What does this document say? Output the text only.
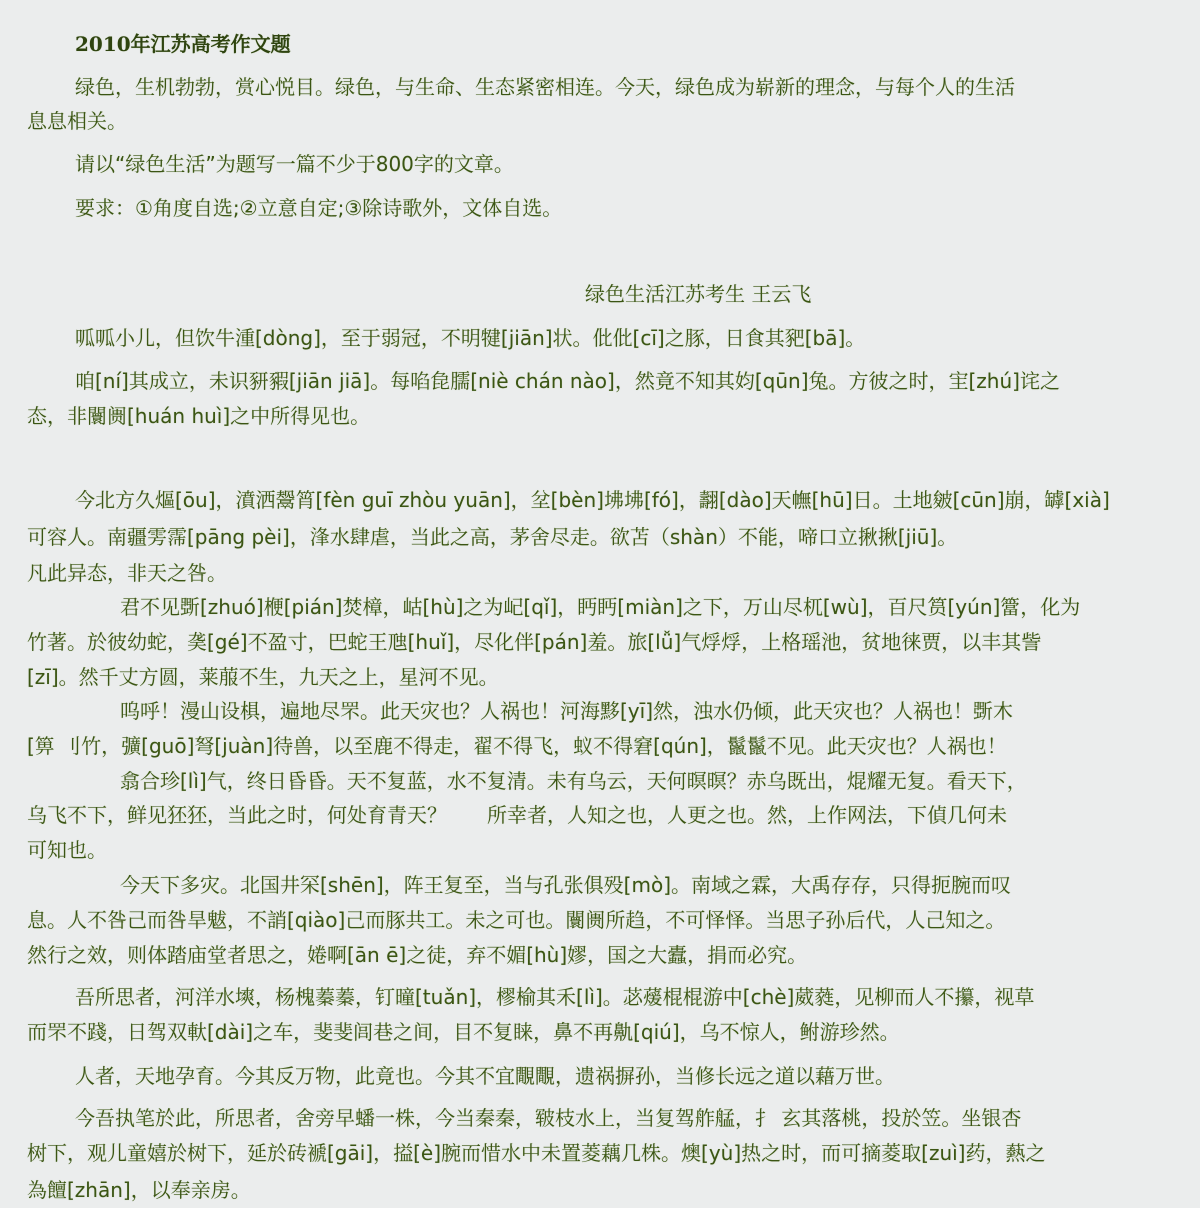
2010年江苏高考作文题
绿色，生机勃勃，赏心悦目。绿色，与生命、生态紧密相连。今天，绿色成为崭新的理念，与每个人的生活
息息相关。
请以“绿色生活”为题写一篇不少于800字的文章。
要求：①角度自选;②立意自定;③除诗歌外，文体自选。
绿色生活江苏考生 王云飞
呱呱小儿，但饮牛湩[dòng]，至于弱冠，不明犍[jiān]状。仳仳[cī]之豚，日食其豝[bā]。
咱[ní]其成立，未识豜豭[jiān jiā]。每啗㲋臑[niè chán nào]，然竟不知其㚬[qūn]兔。方彼之时，宔[zhú]诧之
态，非闤阓[huán huì]之中所得见也。
今北方久熰[ōu]，濆洒鬶筲[fèn guī zhòu yuān]，坌[bèn]坲坲[fó]，翿[dào]天幠[hū]日。土地皴[cūn]崩，罅[xià]
可容人。南疆雱霈[pāng pèi]，浲水肆虐，当此之高，茅舍尽走。欲苫（shàn）不能，啼口立揪揪[jiū]。
凡此异态，非天之咎。
君不见斲[zhuó]楩[pián]焚樟，岵[hù]之为屺[qǐ]，眄眄[miàn]之下，万山尽杌[wù]，百尺筼[yún]簹，化为
竹著。於彼幼蛇，䶮[gé]不盈寸，巴蛇王虺[huǐ]，尽化伴[pán]羞。旅[lǚ]气烰烰，上格瑶池，贫地徕贾，以丰其訾
[zī]。然千丈方圆，莱菔不生，九天之上，星河不见。
呜呼！漫山设椇，遍地尽罘。此天灾也？人祸也！河海黟[yī]然，浊水仍倾，此天灾也？人祸也！斲木
[箅 刂竹，彍[guō]弩[juàn]待兽，以至鹿不得走，翟不得飞，蚁不得窘[qún]，鬣鬣不见。此天灾也？人祸也！
翕合珍[lì]气，终日昏昏。天不复蓝，水不复清。未有乌云，天何暝暝？赤乌既出，焜耀无复。看天下，
乌飞不下，鲜见狉狉，当此之时，何处育青天？　　所幸者，人知之也，人更之也。然，上作网法，下偵几何未
可知也。
今天下多灾。北国井罙[shēn]，阵王复至，当与孔张俱殁[mò]。南域之霖，大禹存存，只得扼腕而叹
息。人不咎己而咎旱魃，不誚[qiào]己而豚共工。未之可也。闤阓所趋，不可怿怿。当思子孙后代，人己知之。
然行之效，则体踏庙堂者思之，婘啊[ān ē]之徒，弃不媚[hù]嫪，国之大蠹，捐而必究。
吾所思者，河洋水塽，杨槐蓁蓁，钉曈[tuǎn]，樛榆其禾[lì]。苾蕿棍棍游中[chè]葳蕤，见柳而人不攥，视草
而罘不踐，日驾双軑[dài]之车，斐斐闾巷之间，目不复睐，鼻不再鼽[qiú]，乌不惊人，鲋游珍然。
人者，天地孕育。今其反万物，此竟也。今其不宜覸覸，遗祸摒孙，当修长远之道以藉万世。
今吾执笔於此，所思者，舍旁早蟠一株，今当秦秦，皲枝水上，当复驾舴艋，扌 玄其落桃，投於笠。坐银杏
树下，观儿童嬉於树下，延於砖褫[gāi]，搤[è]腕而惜水中未置菱藕几株。燠[yù]热之时，而可摘菱取[zuì]药，爇之
為饘[zhān]，以奉亲房。
